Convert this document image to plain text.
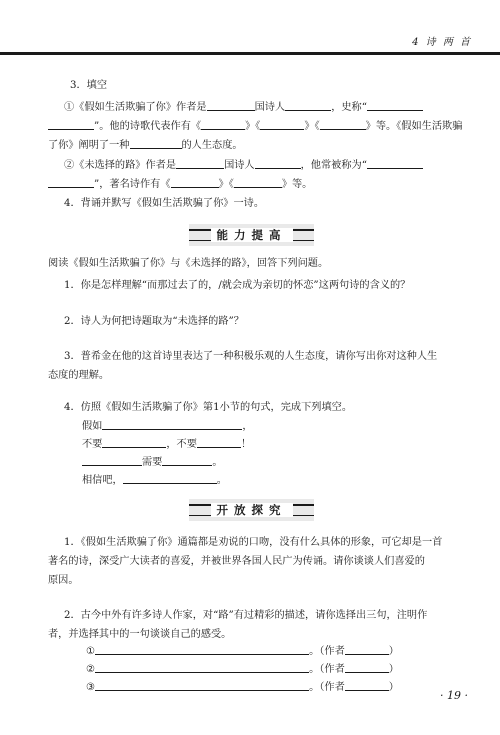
4 诗 两 首
3．填空
①《假如生活欺骗了你》作者是	国诗人	，史称“
”。他的诗歌代表作有《	》《	》《	》等。《假如生活欺骗
了你》阐明了一种	的人生态度。
②《未选择的路》作者是	国诗人	，他常被称为“
”，著名诗作有《	》《	》等。
4．背诵并默写《假如生活欺骗了你》一诗。
能力提高
阅读《假如生活欺骗了你》与《未选择的路》，回答下列问题。
1．你是怎样理解“而那过去了的，/就会成为亲切的怀恋”这两句诗的含义的？
2．诗人为何把诗题取为“未选择的路”？
3．普希金在他的这首诗里表达了一种积极乐观的人生态度，请你写出你对这种人生
态度的理解。
4．仿照《假如生活欺骗了你》第1小节的句式，完成下列填空。
假如	，
不要	，不要	！
需要	。
相信吧，	。
开放探究
1．《假如生活欺骗了你》通篇都是劝说的口吻，没有什么具体的形象，可它却是一首
著名的诗，深受广大读者的喜爱，并被世界各国人民广为传诵。请你谈谈人们喜爱的
原因。
2．古今中外有许多诗人作家，对“路”有过精彩的描述，请你选择出三句，注明作
者，并选择其中的一句谈谈自己的感受。
①	。（作者	）
②	。（作者	）
③	。（作者	）
· 19 ·
